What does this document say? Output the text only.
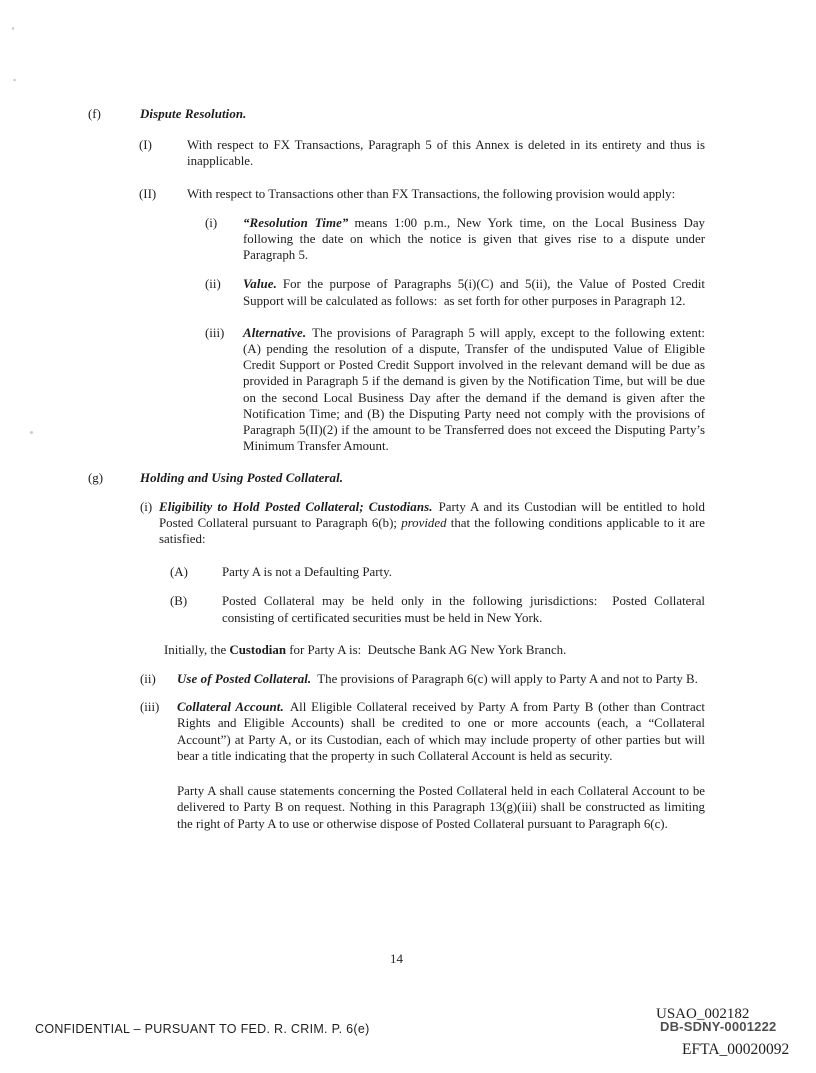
(f)	Dispute Resolution.
(I)	With respect to FX Transactions, Paragraph 5 of this Annex is deleted in its entirety and thus is inapplicable.
(II) With respect to Transactions other than FX Transactions, the following provision would apply:
(i) “Resolution Time” means 1:00 p.m., New York time, on the Local Business Day following the date on which the notice is given that gives rise to a dispute under Paragraph 5.
(ii) Value. For the purpose of Paragraphs 5(i)(C) and 5(ii), the Value of Posted Credit Support will be calculated as follows:  as set forth for other purposes in Paragraph 12.
(iii) Alternative. The provisions of Paragraph 5 will apply, except to the following extent: (A) pending the resolution of a dispute, Transfer of the undisputed Value of Eligible Credit Support or Posted Credit Support involved in the relevant demand will be due as provided in Paragraph 5 if the demand is given by the Notification Time, but will be due on the second Local Business Day after the demand if the demand is given after the Notification Time; and (B) the Disputing Party need not comply with the provisions of Paragraph 5(II)(2) if the amount to be Transferred does not exceed the Disputing Party’s Minimum Transfer Amount.
(g)	Holding and Using Posted Collateral.
(i) Eligibility to Hold Posted Collateral; Custodians. Party A and its Custodian will be entitled to hold Posted Collateral pursuant to Paragraph 6(b); provided that the following conditions applicable to it are satisfied:
(A)	Party A is not a Defaulting Party.
(B)	Posted Collateral may be held only in the following jurisdictions:  Posted Collateral consisting of certificated securities must be held in New York.
Initially, the Custodian for Party A is:  Deutsche Bank AG New York Branch.
(ii) Use of Posted Collateral. The provisions of Paragraph 6(c) will apply to Party A and not to Party B.
(iii) Collateral Account. All Eligible Collateral received by Party A from Party B (other than Contract Rights and Eligible Accounts) shall be credited to one or more accounts (each, a “Collateral Account”) at Party A, or its Custodian, each of which may include property of other parties but will bear a title indicating that the property in such Collateral Account is held as security.
Party A shall cause statements concerning the Posted Collateral held in each Collateral Account to be delivered to Party B on request. Nothing in this Paragraph 13(g)(iii) shall be constructed as limiting the right of Party A to use or otherwise dispose of Posted Collateral pursuant to Paragraph 6(c).
14
CONFIDENTIAL – PURSUANT TO FED. R. CRIM. P. 6(e)
USAO_002182
DB-SDNY-0001222
EFTA_00020092
